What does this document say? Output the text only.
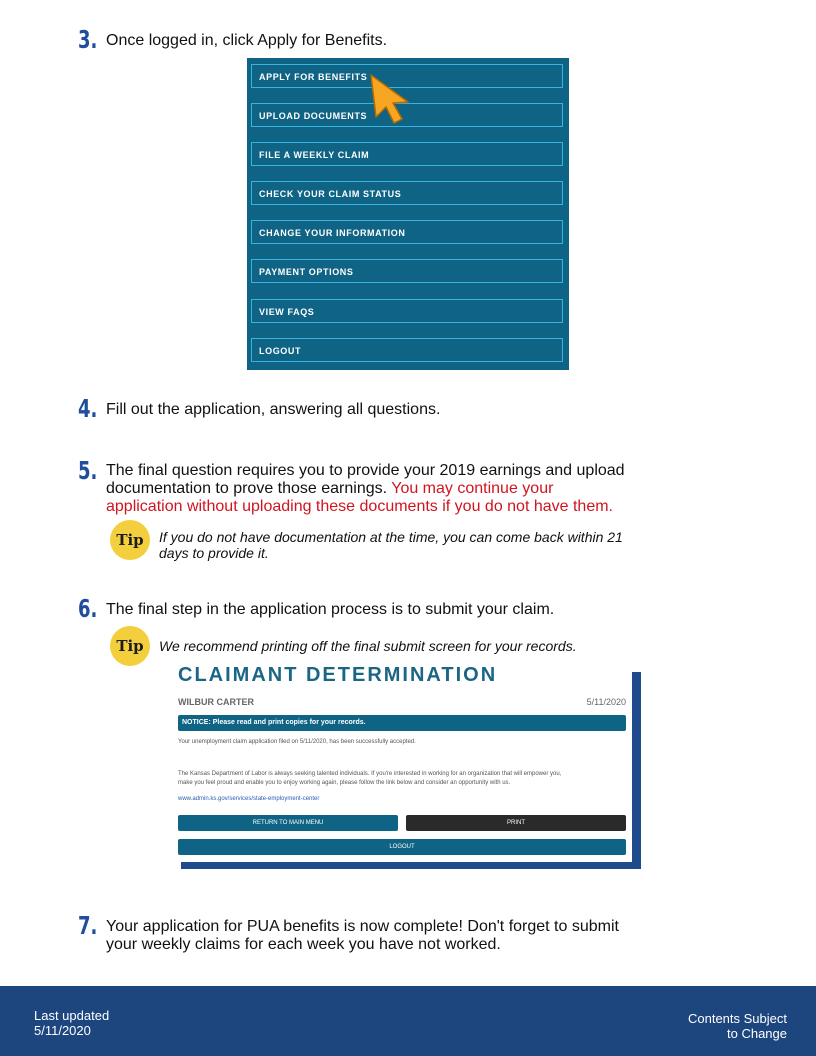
3. Once logged in, click Apply for Benefits.
APPLY FOR BENEFITS
UPLOAD DOCUMENTS
FILE A WEEKLY CLAIM
CHECK YOUR CLAIM STATUS
CHANGE YOUR INFORMATION
PAYMENT OPTIONS
VIEW FAQS
LOGOUT
4. Fill out the application, answering all questions.
5. The final question requires you to provide your 2019 earnings and upload
documentation to prove those earnings. You may continue your
application without uploading these documents if you do not have them.
Tip	If you do not have documentation at the time, you can come back within 21
days to provide it.
6. The final step in the application process is to submit your claim.
Tip	We recommend printing off the final submit screen for your records.
CLAIMANT DETERMINATION
WILBUR CARTER	5/11/2020
NOTICE: Please read and print copies for your records.
Your unemployment claim application filed on 5/11/2020, has been successfully accepted.
The Kansas Department of Labor is always seeking talented individuals. If you're interested in working for an organization that will empower you,
make you feel proud and enable you to enjoy working again, please follow the link below and consider an opportunity with us.
www.admin.ks.gov/services/state-employment-center
RETURN TO MAIN MENU	PRINT
LOGOUT
7. Your application for PUA benefits is now complete! Don't forget to submit
your weekly claims for each week you have not worked.
Last updated
5/11/2020
Contents Subject
to Change
